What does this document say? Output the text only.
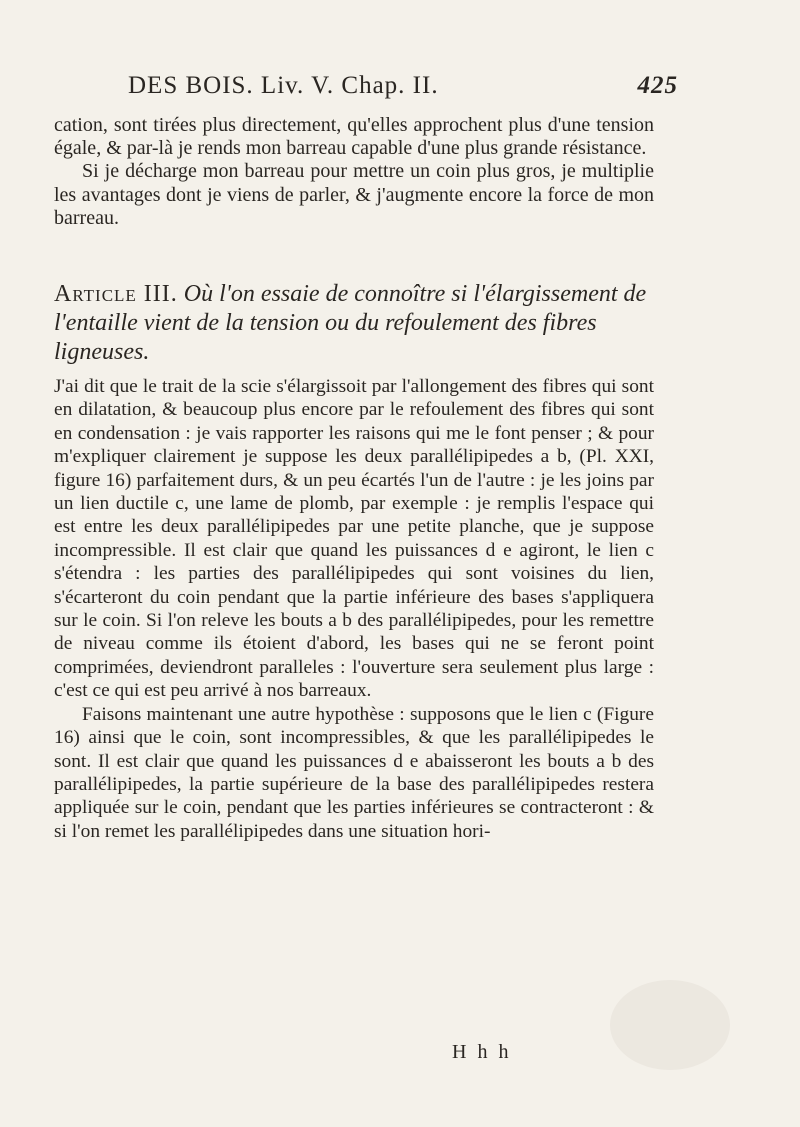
DES BOIS. Liv. V. Chap. II.	425

cation, sont tirées plus directement, qu'elles approchent plus d'une tension égale, & par-là je rends mon barreau capable d'une plus grande résistance.

Si je décharge mon barreau pour mettre un coin plus gros, je multiplie les avantages dont je viens de parler, & j'augmente encore la force de mon barreau.

Article III. Où l'on essaie de connoître si l'élargissement de l'entaille vient de la tension ou du refoulement des fibres ligneuses.

J'ai dit que le trait de la scie s'élargissoit par l'allongement des fibres qui sont en dilatation, & beaucoup plus encore par le refoulement des fibres qui sont en condensation : je vais rapporter les raisons qui me le font penser ; & pour m'expliquer clairement je suppose les deux parallélipipedes a b, (Pl. XXI, figure 16) parfaitement durs, & un peu écartés l'un de l'autre : je les joins par un lien ductile c, une lame de plomb, par exemple : je remplis l'espace qui est entre les deux parallélipipedes par une petite planche, que je suppose incompressible. Il est clair que quand les puissances d e agiront, le lien c s'étendra : les parties des parallélipipedes qui sont voisines du lien, s'écarteront du coin pendant que la partie inférieure des bases s'appliquera sur le coin. Si l'on releve les bouts a b des parallélipipedes, pour les remettre de niveau comme ils étoient d'abord, les bases qui ne se feront point comprimées, deviendront paralleles : l'ouverture sera seulement plus large : c'est ce qui est peu arrivé à nos barreaux.

Faisons maintenant une autre hypothèse : supposons que le lien c (Figure 16) ainsi que le coin, sont incompressibles, & que les parallélipipedes le sont. Il est clair que quand les puissances d e abaisseront les bouts a b des parallélipipedes, la partie supérieure de la base des parallélipipedes restera appliquée sur le coin, pendant que les parties inférieures se contracteront : & si l'on remet les parallélipipedes dans une situation hori-

H h h
